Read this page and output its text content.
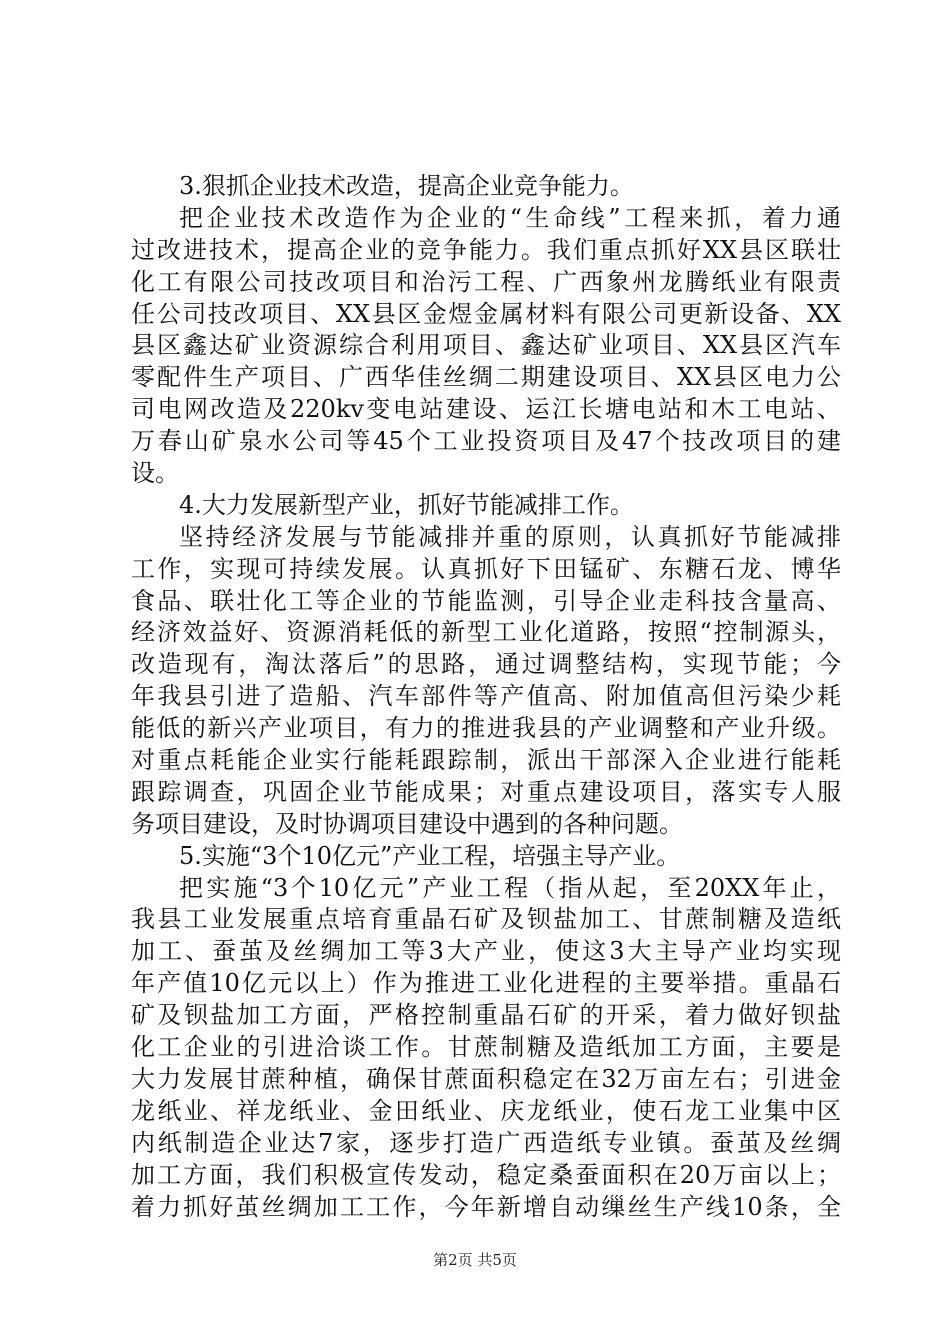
3.狠抓企业技术改造，提高企业竞争能力。
把企业技术改造作为企业的“生命线”工程来抓，着力通
过改进技术，提高企业的竞争能力。我们重点抓好XX县区联壮
化工有限公司技改项目和治污工程、广西象州龙腾纸业有限责
任公司技改项目、XX县区金煜金属材料有限公司更新设备、XX
县区鑫达矿业资源综合利用项目、鑫达矿业项目、XX县区汽车
零配件生产项目、广西华佳丝绸二期建设项目、XX县区电力公
司电网改造及220kv变电站建设、运江长塘电站和木工电站、
万春山矿泉水公司等45个工业投资项目及47个技改项目的建
设。
4.大力发展新型产业，抓好节能减排工作。
坚持经济发展与节能减排并重的原则，认真抓好节能减排
工作，实现可持续发展。认真抓好下田锰矿、东糖石龙、博华
食品、联壮化工等企业的节能监测，引导企业走科技含量高、
经济效益好、资源消耗低的新型工业化道路，按照“控制源头，
改造现有，淘汰落后”的思路，通过调整结构，实现节能；今
年我县引进了造船、汽车部件等产值高、附加值高但污染少耗
能低的新兴产业项目，有力的推进我县的产业调整和产业升级。
对重点耗能企业实行能耗跟踪制，派出干部深入企业进行能耗
跟踪调查，巩固企业节能成果；对重点建设项目，落实专人服
务项目建设，及时协调项目建设中遇到的各种问题。
5.实施“3个10亿元”产业工程，培强主导产业。
把实施“3个10亿元”产业工程（指从起，至20XX年止，
我县工业发展重点培育重晶石矿及钡盐加工、甘蔗制糖及造纸
加工、蚕茧及丝绸加工等3大产业，使这3大主导产业均实现
年产值10亿元以上）作为推进工业化进程的主要举措。重晶石
矿及钡盐加工方面，严格控制重晶石矿的开采，着力做好钡盐
化工企业的引进洽谈工作。甘蔗制糖及造纸加工方面，主要是
大力发展甘蔗种植，确保甘蔗面积稳定在32万亩左右；引进金
龙纸业、祥龙纸业、金田纸业、庆龙纸业，使石龙工业集中区
内纸制造企业达7家，逐步打造广西造纸专业镇。蚕茧及丝绸
加工方面，我们积极宣传发动，稳定桑蚕面积在20万亩以上；
着力抓好茧丝绸加工工作，今年新增自动缫丝生产线10条，全
第2页 共5页
